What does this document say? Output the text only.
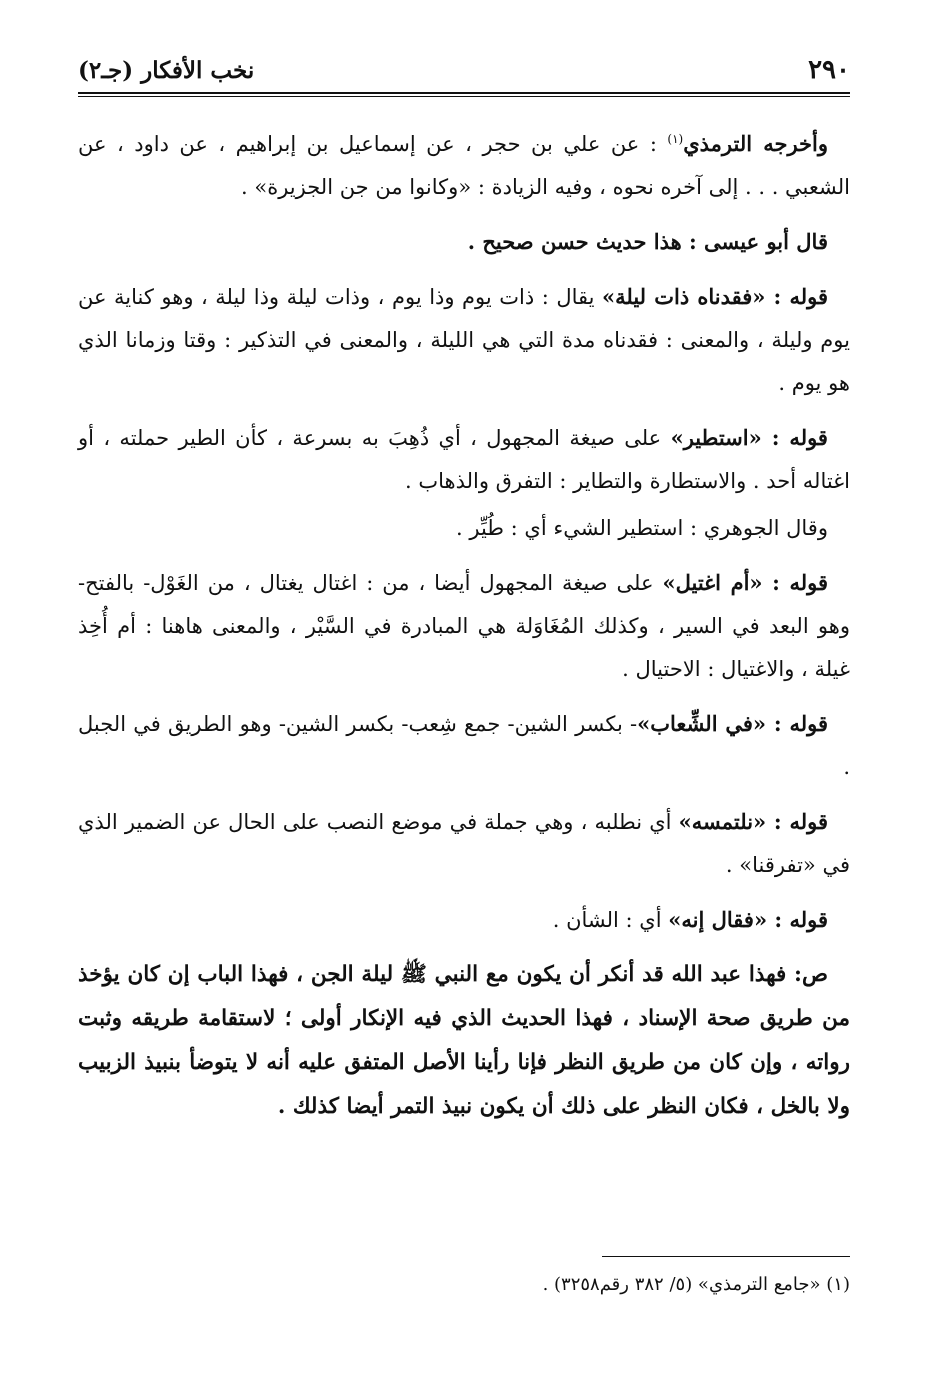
٢٩٠
نخب الأفكار (جـ٢)

وأخرجه الترمذي$^{(١)}$ : عن علي بن حجر ، عن إسماعيل بن إبراهيم ، عن داود ، عن الشعبي . . . إلى آخره نحوه ، وفيه الزيادة : «وكانوا من جن الجزيرة» .

قال أبو عيسى : هذا حديث حسن صحيح .

قوله : «فقدناه ذات ليلة» يقال : ذات يوم وذا يوم ، وذات ليلة وذا ليلة ، وهو كناية عن يوم وليلة ، والمعنى : فقدناه مدة التي هي الليلة ، والمعنى في التذكير : وقتا وزمانا الذي هو يوم .

قوله : «استطير» على صيغة المجهول ، أي ذُهِبَ به بسرعة ، كأن الطير حملته ، أو اغتاله أحد . والاستطارة والتطاير : التفرق والذهاب .

وقال الجوهري : استطير الشيء أي : طُيِّر .

قوله : «أم اغتيل» على صيغة المجهول أيضا ، من : اغتال يغتال ، من الغَوْل- بالفتح- وهو البعد في السير ، وكذلك المُغَاوَلة هي المبادرة في السَّيْر ، والمعنى هاهنا : أم أُخِذ غيلة ، والاغتيال : الاحتيال .

قوله : «في الشِّعاب»- بكسر الشين- جمع شِعب- بكسر الشين- وهو الطريق في الجبل .

قوله : «نلتمسه» أي نطلبه ، وهي جملة في موضع النصب على الحال عن الضمير الذي في «تفرقنا» .

قوله : «فقال إنه» أي : الشأن .

ص: فهذا عبد الله قد أنكر أن يكون مع النبي ﷺ ليلة الجن ، فهذا الباب إن كان يؤخذ من طريق صحة الإسناد ، فهذا الحديث الذي فيه الإنكار أولى ؛ لاستقامة طريقه وثبت رواته ، وإن كان من طريق النظر فإنا رأينا الأصل المتفق عليه أنه لا يتوضأ بنبيذ الزبيب ولا بالخل ، فكان النظر على ذلك أن يكون نبيذ التمر أيضا كذلك .

(١) «جامع الترمذي» (٥/ ٣٨٢ رقم٣٢٥٨) .
